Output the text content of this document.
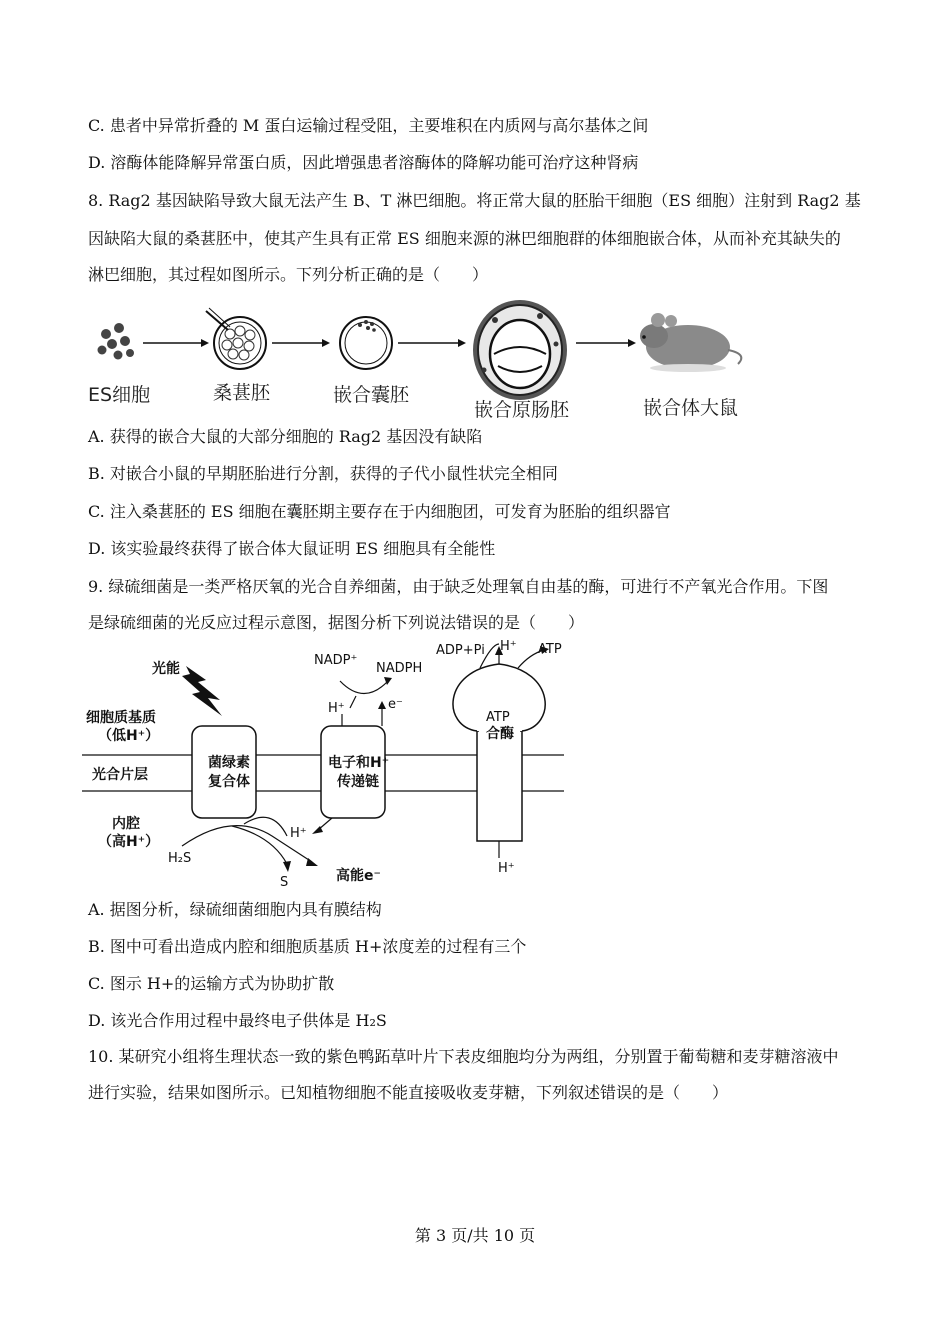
C. 患者中异常折叠的 M 蛋白运输过程受阻，主要堆积在内质网与高尔基体之间
D. 溶酶体能降解异常蛋白质，因此增强患者溶酶体的降解功能可治疗这种肾病
8. Rag2 基因缺陷导致大鼠无法产生 B、T 淋巴细胞。将正常大鼠的胚胎干细胞（ES 细胞）注射到 Rag2 基
因缺陷大鼠的桑葚胚中，使其产生具有正常 ES 细胞来源的淋巴细胞群的体细胞嵌合体，从而补充其缺失的
淋巴细胞，其过程如图所示。下列分析正确的是（　　）
ES细胞	桑葚胚	嵌合囊胚
嵌合原肠胚	嵌合体大鼠
A. 获得的嵌合大鼠的大部分细胞的 Rag2 基因没有缺陷
B. 对嵌合小鼠的早期胚胎进行分割，获得的子代小鼠性状完全相同
C. 注入桑葚胚的 ES 细胞在囊胚期主要存在于内细胞团，可发育为胚胎的组织器官
D. 该实验最终获得了嵌合体大鼠证明 ES 细胞具有全能性
9. 绿硫细菌是一类严格厌氧的光合自养细菌，由于缺乏处理氧自由基的酶，可进行不产氧光合作用。下图
是绿硫细菌的光反应过程示意图，据图分析下列说法错误的是（　　）
光能
细胞质基质
（低H⁺）
光合片层
内腔
（高H⁺）
菌绿素
复合体
电子和H⁺
传递链
ATP
合酶
NADP⁺
NADPH
H⁺	e⁻
ADP+Pi H⁺ ATP
H⁺
H₂S
S	高能e⁻	H⁺
A. 据图分析，绿硫细菌细胞内具有膜结构
B. 图中可看出造成内腔和细胞质基质 H+浓度差的过程有三个
C. 图示 H+的运输方式为协助扩散
D. 该光合作用过程中最终电子供体是 H₂S
10. 某研究小组将生理状态一致的紫色鸭跖草叶片下表皮细胞均分为两组，分别置于葡萄糖和麦芽糖溶液中
进行实验，结果如图所示。已知植物细胞不能直接吸收麦芽糖，下列叙述错误的是（　　）
第 3 页/共 10 页
